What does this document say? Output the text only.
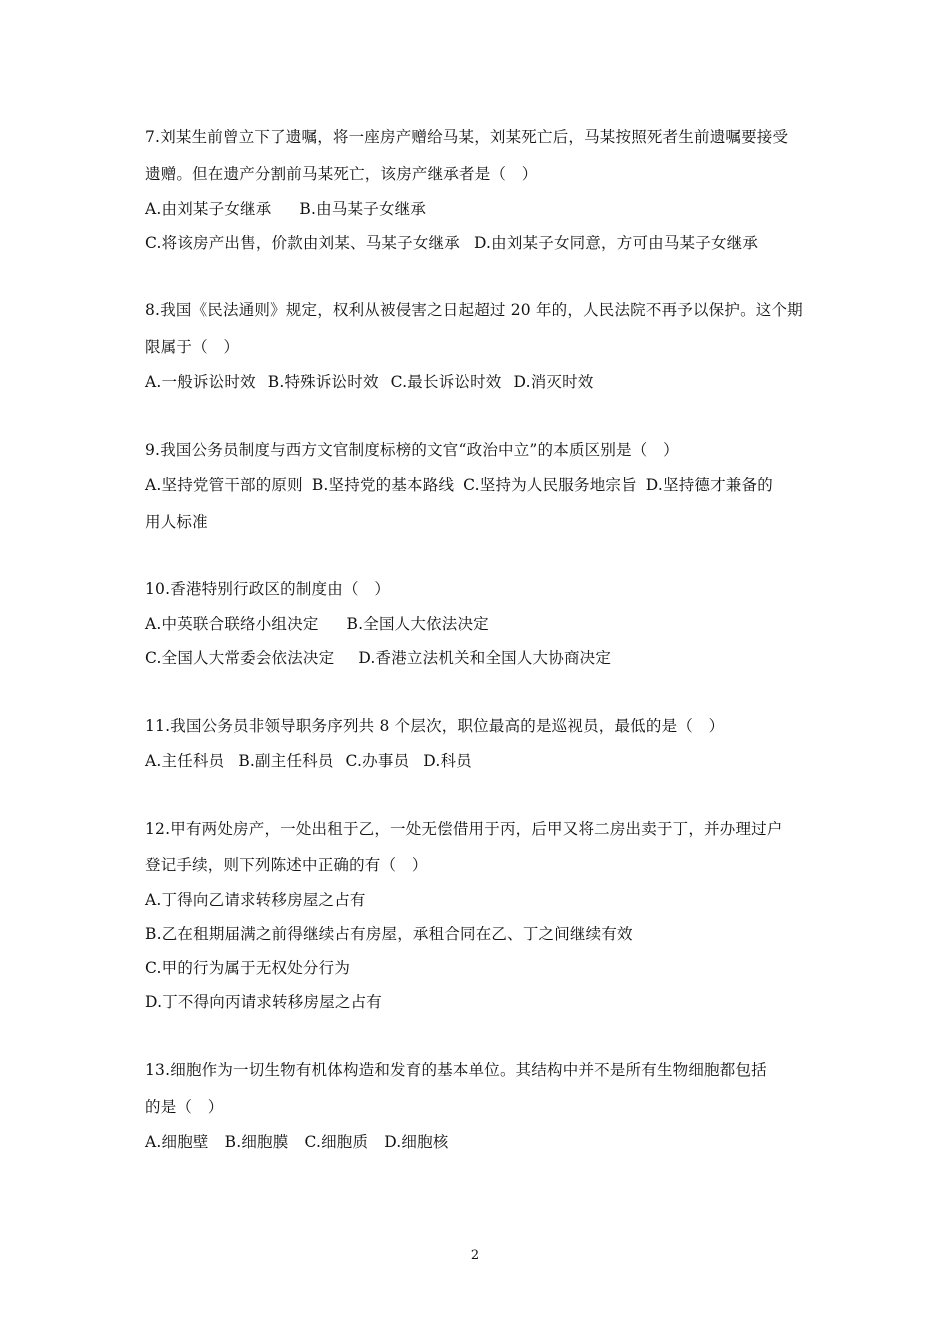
7.刘某生前曾立下了遗嘱，将一座房产赠给马某，刘某死亡后，马某按照死者生前遗嘱要接受
遗赠。但在遗产分割前马某死亡，该房产继承者是（　）
A.由刘某子女继承 B.由马某子女继承
C.将该房产出售，价款由刘某、马某子女继承 D.由刘某子女同意，方可由马某子女继承
8.我国《民法通则》规定，权利从被侵害之日起超过 20 年的，人民法院不再予以保护。这个期
限属于（　）
A.一般诉讼时效 B.特殊诉讼时效 C.最长诉讼时效 D.消灭时效
9.我国公务员制度与西方文官制度标榜的文官“政治中立”的本质区别是（　）
A.坚持党管干部的原则 B.坚持党的基本路线 C.坚持为人民服务地宗旨 D.坚持德才兼备的
用人标准
10.香港特别行政区的制度由（　）
A.中英联合联络小组决定 B.全国人大依法决定
C.全国人大常委会依法决定 D.香港立法机关和全国人大协商决定
11.我国公务员非领导职务序列共 8 个层次，职位最高的是巡视员，最低的是（　）
A.主任科员 B.副主任科员 C.办事员 D.科员
12.甲有两处房产，一处出租于乙，一处无偿借用于丙，后甲又将二房出卖于丁，并办理过户
登记手续，则下列陈述中正确的有（　）
A.丁得向乙请求转移房屋之占有
B.乙在租期届满之前得继续占有房屋，承租合同在乙、丁之间继续有效
C.甲的行为属于无权处分行为
D.丁不得向丙请求转移房屋之占有
13.细胞作为一切生物有机体构造和发育的基本单位。其结构中并不是所有生物细胞都包括
的是（　）
A.细胞壁 B.细胞膜 C.细胞质 D.细胞核
2
